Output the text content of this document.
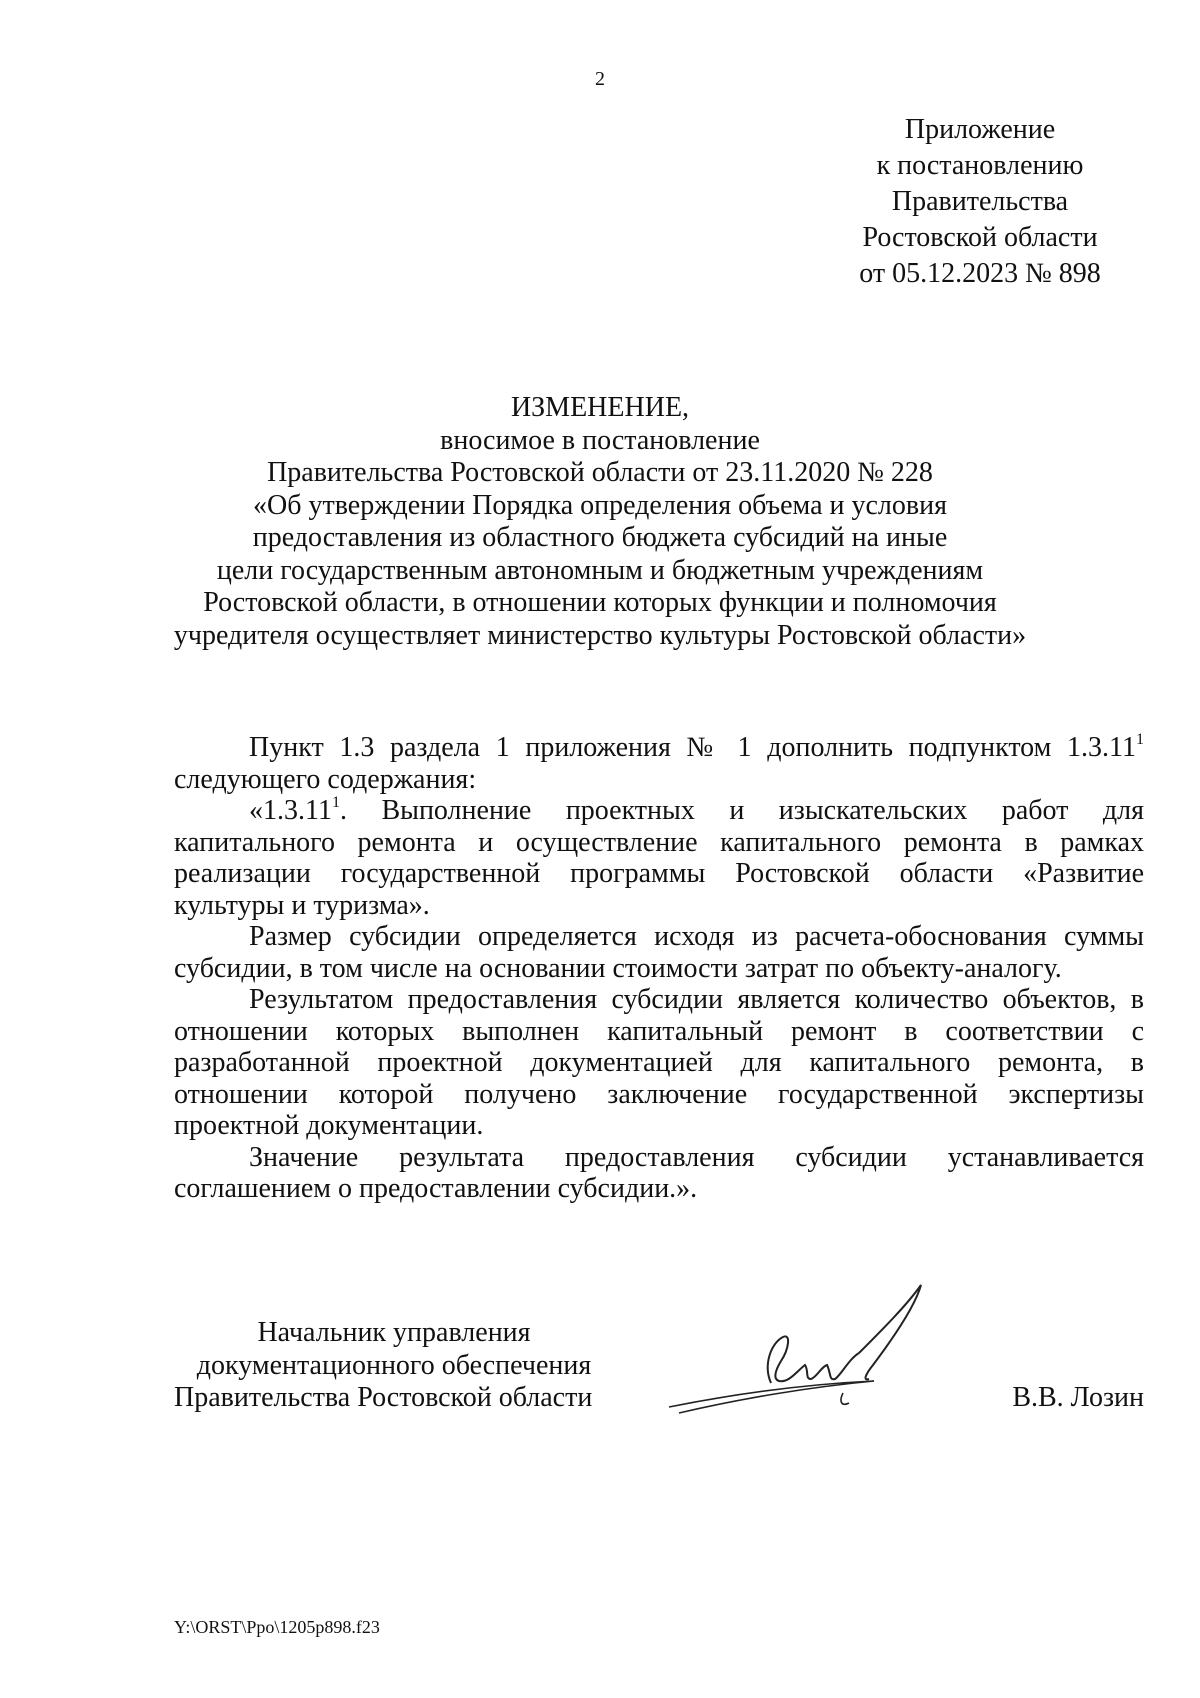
2
Приложение
к постановлению
Правительства
Ростовской области
от 05.12.2023 № 898
ИЗМЕНЕНИЕ,
вносимое в постановление
Правительства Ростовской области от 23.11.2020 № 228
«Об утверждении Порядка определения объема и условия
предоставления из областного бюджета субсидий на иные
цели государственным автономным и бюджетным учреждениям
Ростовской области, в отношении которых функции и полномочия
учредителя осуществляет министерство культуры Ростовской области»

Пункт 1.3 раздела 1 приложения № 1 дополнить подпунктом 1.3.11$^1$ следующего содержания:

«1.3.11$^1$. Выполнение проектных и изыскательских работ для капитального ремонта и осуществление капитального ремонта в рамках реализации государственной программы Ростовской области «Развитие культуры и туризма».

Размер субсидии определяется исходя из расчета-обоснования суммы субсидии, в том числе на основании стоимости затрат по объекту-аналогу.

Результатом предоставления субсидии является количество объектов, в отношении которых выполнен капитальный ремонт в соответствии с разработанной проектной документацией для капитального ремонта, в отношении которой получено заключение государственной экспертизы проектной документации.

Значение результата предоставления субсидии устанавливается соглашением о предоставлении субсидии.».

Начальник управления
документационного обеспечения
Правительства Ростовской области	В.В. Лозин
Y:\ORST\Ppo\1205p898.f23
